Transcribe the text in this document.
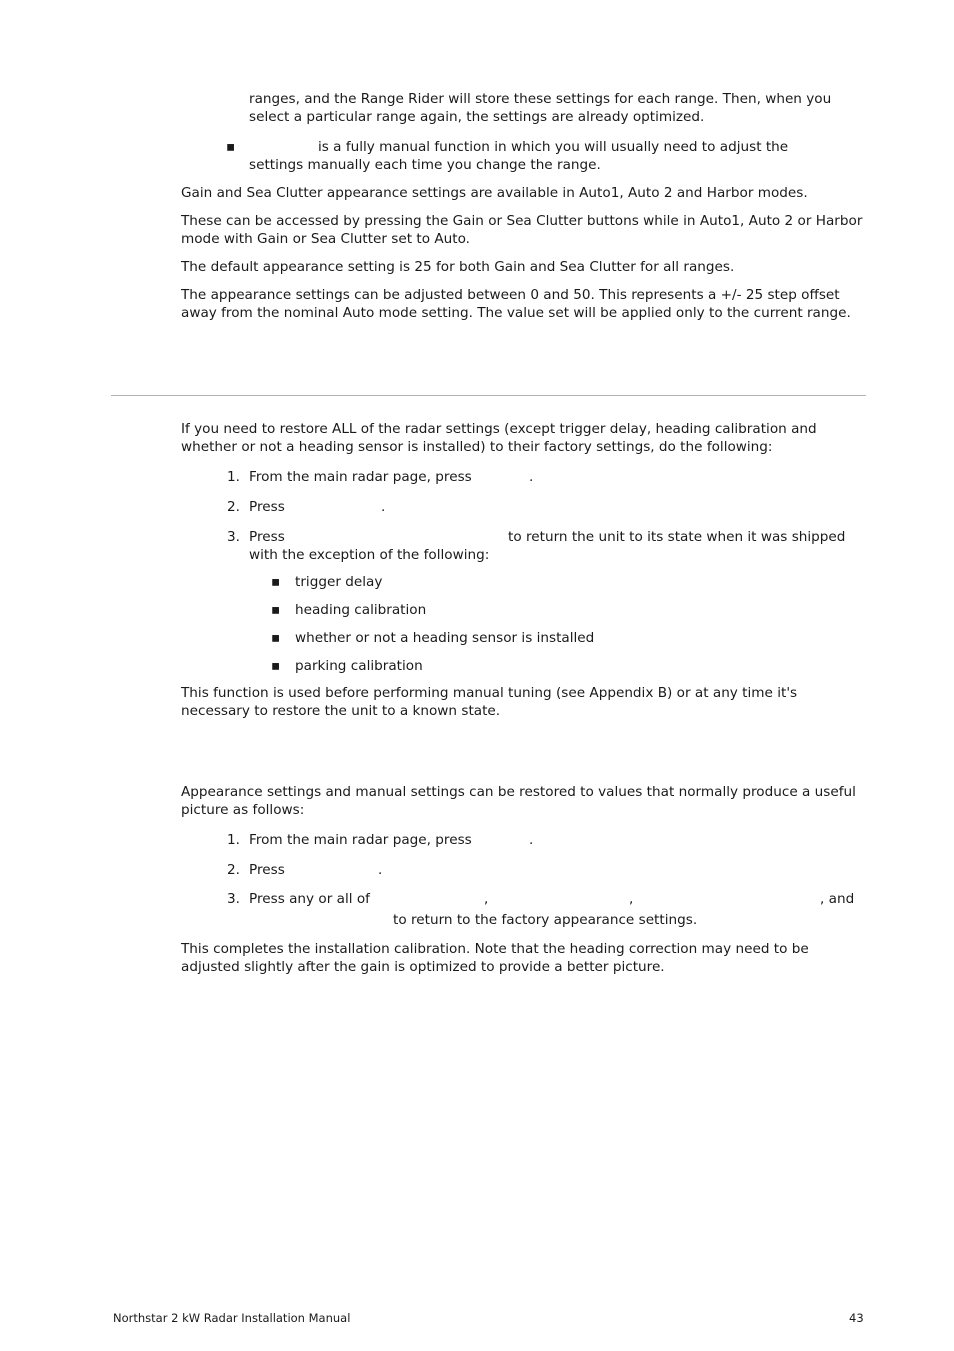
ranges, and the Range Rider will store these settings for each range. Then, when you select a particular range again, the settings are already optimized.
▪	is a fully manual function in which you will usually need to adjust the settings manually each time you change the range.
Gain and Sea Clutter appearance settings are available in Auto1, Auto 2 and Harbor modes.
These can be accessed by pressing the Gain or Sea Clutter buttons while in Auto1, Auto 2 or Harbor mode with Gain or Sea Clutter set to Auto.
The default appearance setting is 25 for both Gain and Sea Clutter for all ranges.
The appearance settings can be adjusted between 0 and 50. This represents a +/- 25 step offset away from the nominal Auto mode setting. The value set will be applied only to the current range.
If you need to restore ALL of the radar settings (except trigger delay, heading calibration and whether or not a heading sensor is installed) to their factory settings, do the following:
1. From the main radar page, press	.
2. Press	.
3. Press	to return the unit to its state when it was shipped
with the exception of the following:
▪ trigger delay
▪ heading calibration
▪ whether or not a heading sensor is installed
▪ parking calibration
This function is used before performing manual tuning (see Appendix B) or at any time it's necessary to restore the unit to a known state.
Appearance settings and manual settings can be restored to values that normally produce a useful picture as follows:
1. From the main radar page, press	.
2. Press	.
3. Press any or all of	,	,	, and
to return to the factory appearance settings.
This completes the installation calibration. Note that the heading correction may need to be adjusted slightly after the gain is optimized to provide a better picture.
Northstar 2 kW Radar Installation Manual	43
